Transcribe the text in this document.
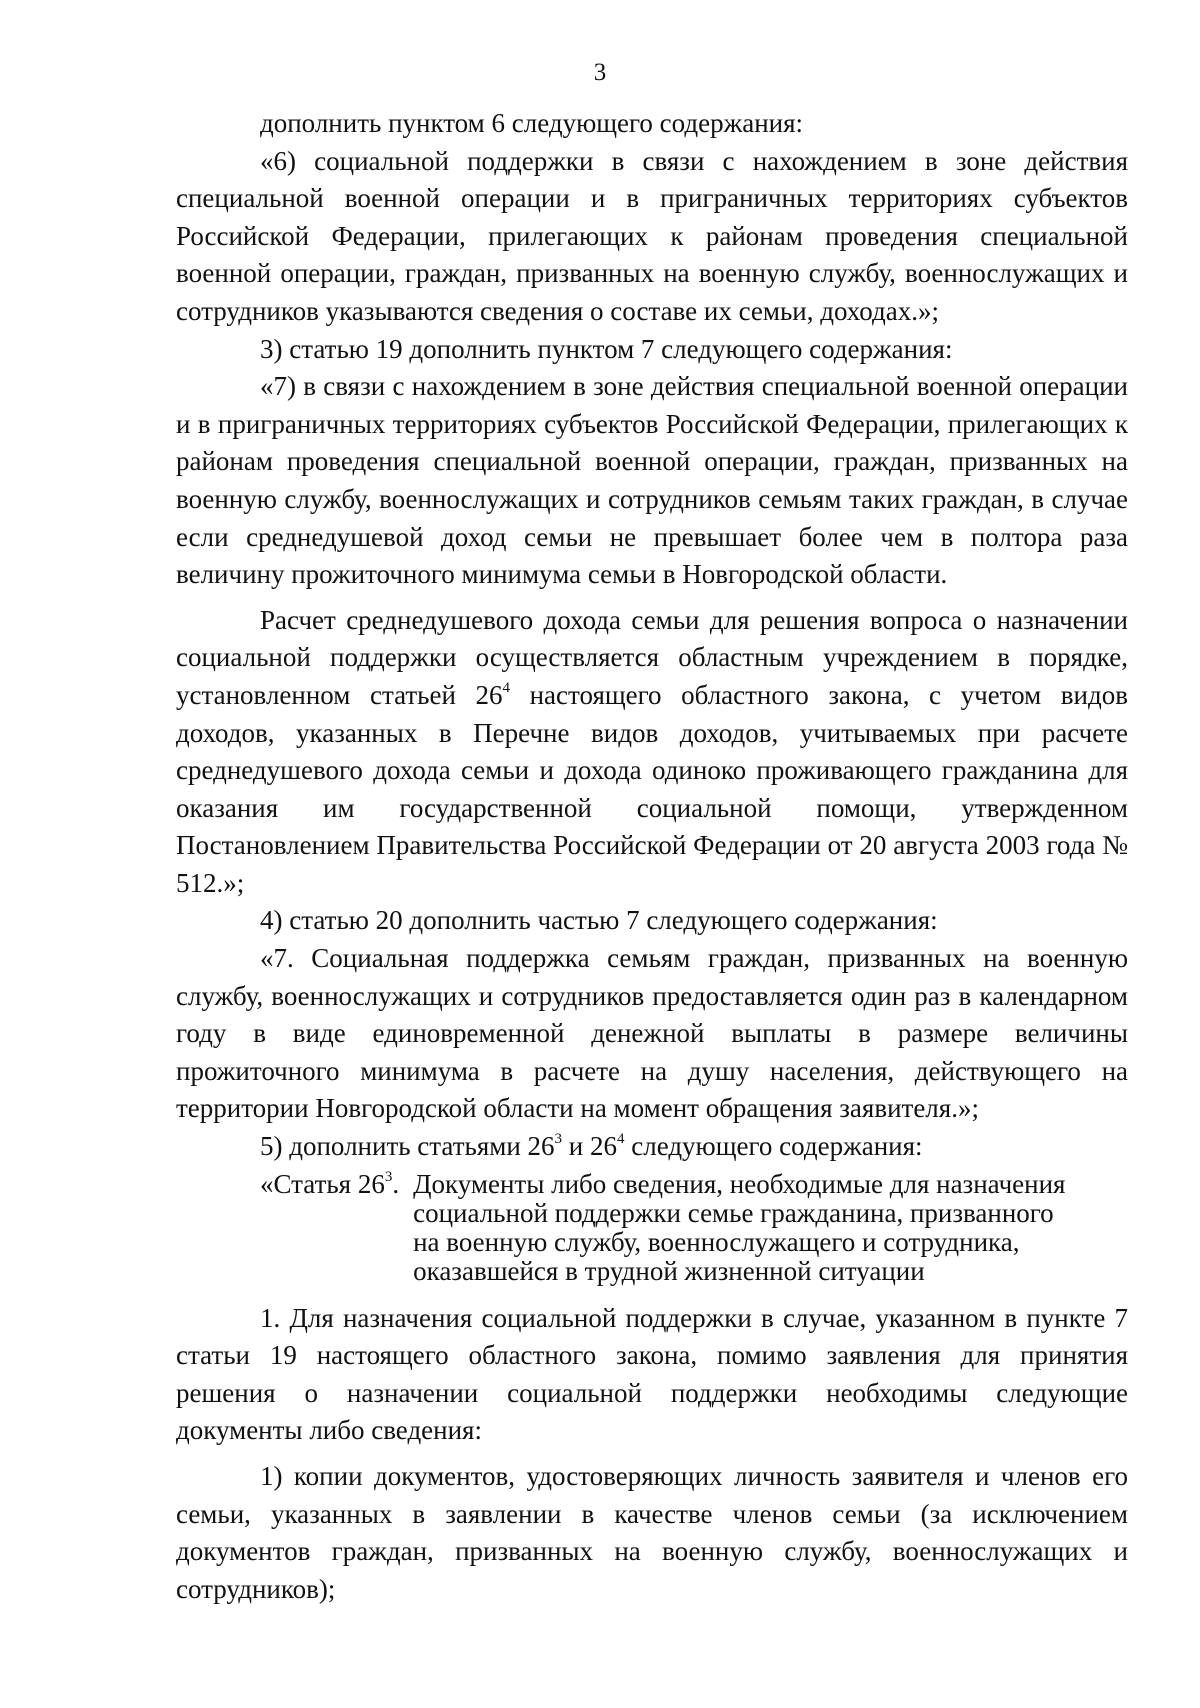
3

дополнить пунктом 6 следующего содержания:

«6) социальной поддержки в связи с нахождением в зоне действия специальной военной операции и в приграничных территориях субъектов Российской Федерации, прилегающих к районам проведения специальной военной операции, граждан, призванных на военную службу, военнослужащих и сотрудников указываются сведения о составе их семьи, доходах.»;

3) статью 19 дополнить пунктом 7 следующего содержания:

«7) в связи с нахождением в зоне действия специальной военной операции и в приграничных территориях субъектов Российской Федерации, прилегающих к районам проведения специальной военной операции, граждан, призванных на военную службу, военнослужащих и сотрудников семьям таких граждан, в случае если среднедушевой доход семьи не превышает более чем в полтора раза величину прожиточного минимума семьи в Новгородской области.

Расчет среднедушевого дохода семьи для решения вопроса о назначении социальной поддержки осуществляется областным учреждением в порядке, установленном статьей $26^4$ настоящего областного закона, с учетом видов доходов, указанных в Перечне видов доходов, учитываемых при расчете среднедушевого дохода семьи и дохода одиноко проживающего гражданина для оказания им государственной социальной помощи, утвержденном Постановлением Правительства Российской Федерации от 20 августа 2003 года № 512.»;

4) статью 20 дополнить частью 7 следующего содержания:

«7. Социальная поддержка семьям граждан, призванных на военную службу, военнослужащих и сотрудников предоставляется один раз в календарном году в виде единовременной денежной выплаты в размере величины прожиточного минимума в расчете на душу населения, действующего на территории Новгородской области на момент обращения заявителя.»;

5) дополнить статьями $26^3$ и $26^4$ следующего содержания:

«Статья $26^3$. Документы либо сведения, необходимые для назначения
социальной поддержки семье гражданина, призванного
на военную службу, военнослужащего и сотрудника,
оказавшейся в трудной жизненной ситуации

1. Для назначения социальной поддержки в случае, указанном в пункте 7 статьи 19 настоящего областного закона, помимо заявления для принятия решения о назначении социальной поддержки необходимы следующие документы либо сведения:

1) копии документов, удостоверяющих личность заявителя и членов его семьи, указанных в заявлении в качестве членов семьи (за исключением документов граждан, призванных на военную службу, военнослужащих и сотрудников);
